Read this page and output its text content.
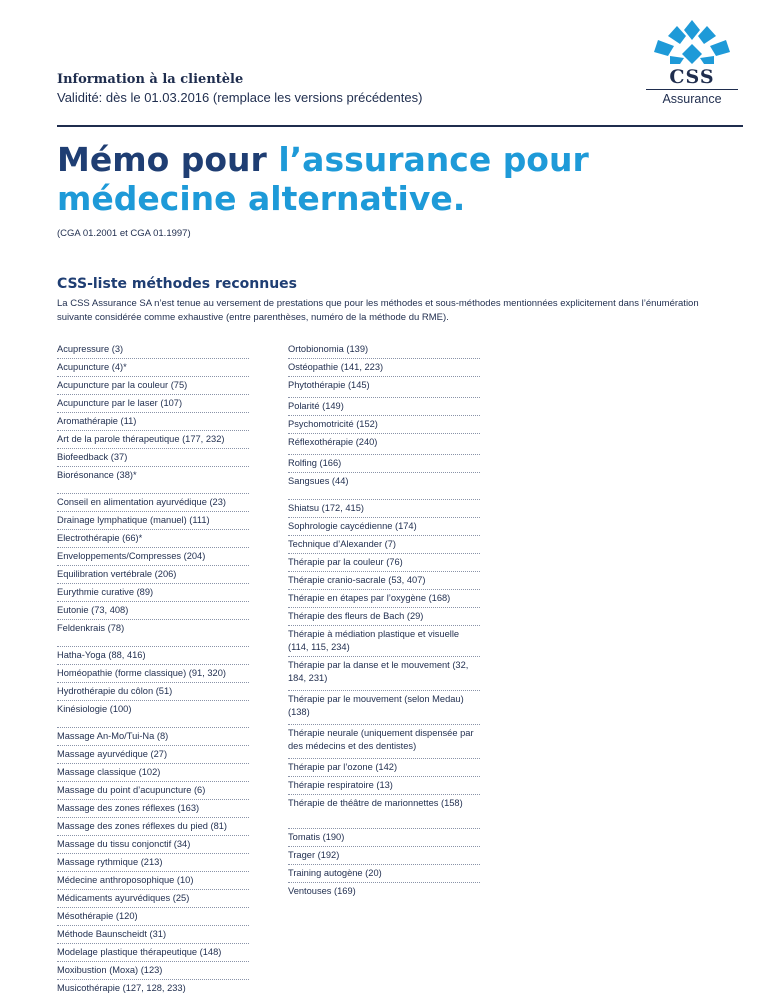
Information à la clientèle
Validité: dès le 01.03.2016 (remplace les versions précédentes)
CSS
Assurance
Mémo pour l’assurance pour médecine alternative.
(CGA 01.2001 et CGA 01.1997)
CSS-liste méthodes reconnues
La CSS Assurance SA n’est tenue au versement de prestations que pour les méthodes et sous-méthodes mentionnées explicitement dans l’énumération suivante considérée comme exhaustive (entre parenthèses, numéro de la méthode du RME).
Acupressure (3)
Acupuncture (4)*
Acupuncture par la couleur (75)
Acupuncture par le laser (107)
Aromathérapie (11)
Art de la parole thérapeutique (177, 232)
Biofeedback (37)
Biorésonance (38)*
Conseil en alimentation ayurvédique (23)
Drainage lymphatique (manuel) (111)
Electrothérapie (66)*
Enveloppements/Compresses (204)
Equilibration vertébrale (206)
Eurythmie curative (89)
Eutonie (73, 408)
Feldenkrais (78)
Hatha-Yoga (88, 416)
Homéopathie (forme classique) (91, 320)
Hydrothérapie du côlon (51)
Kinésiologie (100)
Massage An-Mo/Tui-Na (8)
Massage ayurvédique (27)
Massage classique (102)
Massage du point d’acupuncture (6)
Massage des zones réflexes (163)
Massage des zones réflexes du pied (81)
Massage du tissu conjonctif (34)
Massage rythmique (213)
Médecine anthroposophique (10)
Médicaments ayurvédiques (25)
Mésothérapie (120)
Méthode Baunscheidt (31)
Modelage plastique thérapeutique (148)
Moxibustion (Moxa) (123)
Musicothérapie (127, 128, 233)
Ortobionomia (139)
Ostéopathie (141, 223)
Phytothérapie (145)
Polarité (149)
Psychomotricité (152)
Réflexothérapie (240)
Rolfing (166)
Sangsues (44)
Shiatsu (172, 415)
Sophrologie caycédienne (174)
Technique d’Alexander (7)
Thérapie par la couleur (76)
Thérapie cranio-sacrale (53, 407)
Thérapie en étapes par l’oxygène (168)
Thérapie des fleurs de Bach (29)
Thérapie à médiation plastique et visuelle (114, 115, 234)
Thérapie par la danse et le mouvement (32, 184, 231)
Thérapie par le mouvement (selon Medau) (138)
Thérapie neurale (uniquement dispensée par des médecins et des dentistes)
Thérapie par l’ozone (142)
Thérapie respiratoire (13)
Thérapie de théâtre de marionnettes (158)
Tomatis (190)
Trager (192)
Training autogène (20)
Ventouses (169)
